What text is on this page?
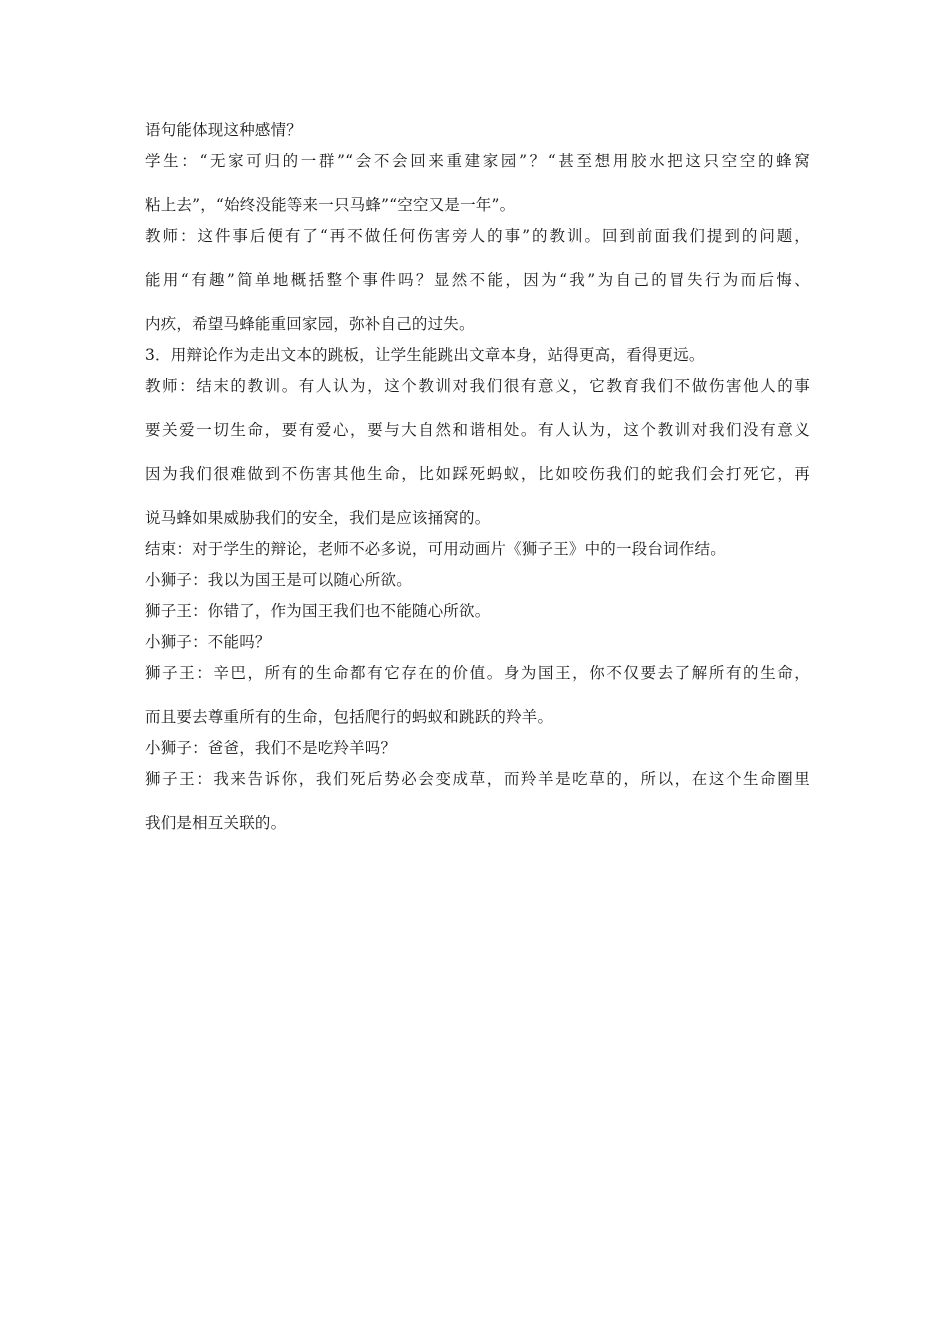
语句能体现这种感情？
学生：“无家可归的一群”“会不会回来重建家园”？“甚至想用胶水把这只空空的蜂窝
粘上去”，“始终没能等来一只马蜂”“空空又是一年”。
教师：这件事后便有了“再不做任何伤害旁人的事”的教训。回到前面我们提到的问题，
能用“有趣”简单地概括整个事件吗？显然不能，因为“我”为自己的冒失行为而后悔、
内疚，希望马蜂能重回家园，弥补自己的过失。
3．用辩论作为走出文本的跳板，让学生能跳出文章本身，站得更高，看得更远。
教师：结末的教训。有人认为，这个教训对我们很有意义，它教育我们不做伤害他人的事
要关爱一切生命，要有爱心，要与大自然和谐相处。有人认为，这个教训对我们没有意义
因为我们很难做到不伤害其他生命，比如踩死蚂蚁，比如咬伤我们的蛇我们会打死它，再
说马蜂如果威胁我们的安全，我们是应该捅窝的。
结束：对于学生的辩论，老师不必多说，可用动画片《狮子王》中的一段台词作结。
小狮子：我以为国王是可以随心所欲。
狮子王：你错了，作为国王我们也不能随心所欲。
小狮子：不能吗？
狮子王：辛巴，所有的生命都有它存在的价值。身为国王，你不仅要去了解所有的生命，
而且要去尊重所有的生命，包括爬行的蚂蚁和跳跃的羚羊。
小狮子：爸爸，我们不是吃羚羊吗？
狮子王：我来告诉你，我们死后势必会变成草，而羚羊是吃草的，所以，在这个生命圈里
我们是相互关联的。
